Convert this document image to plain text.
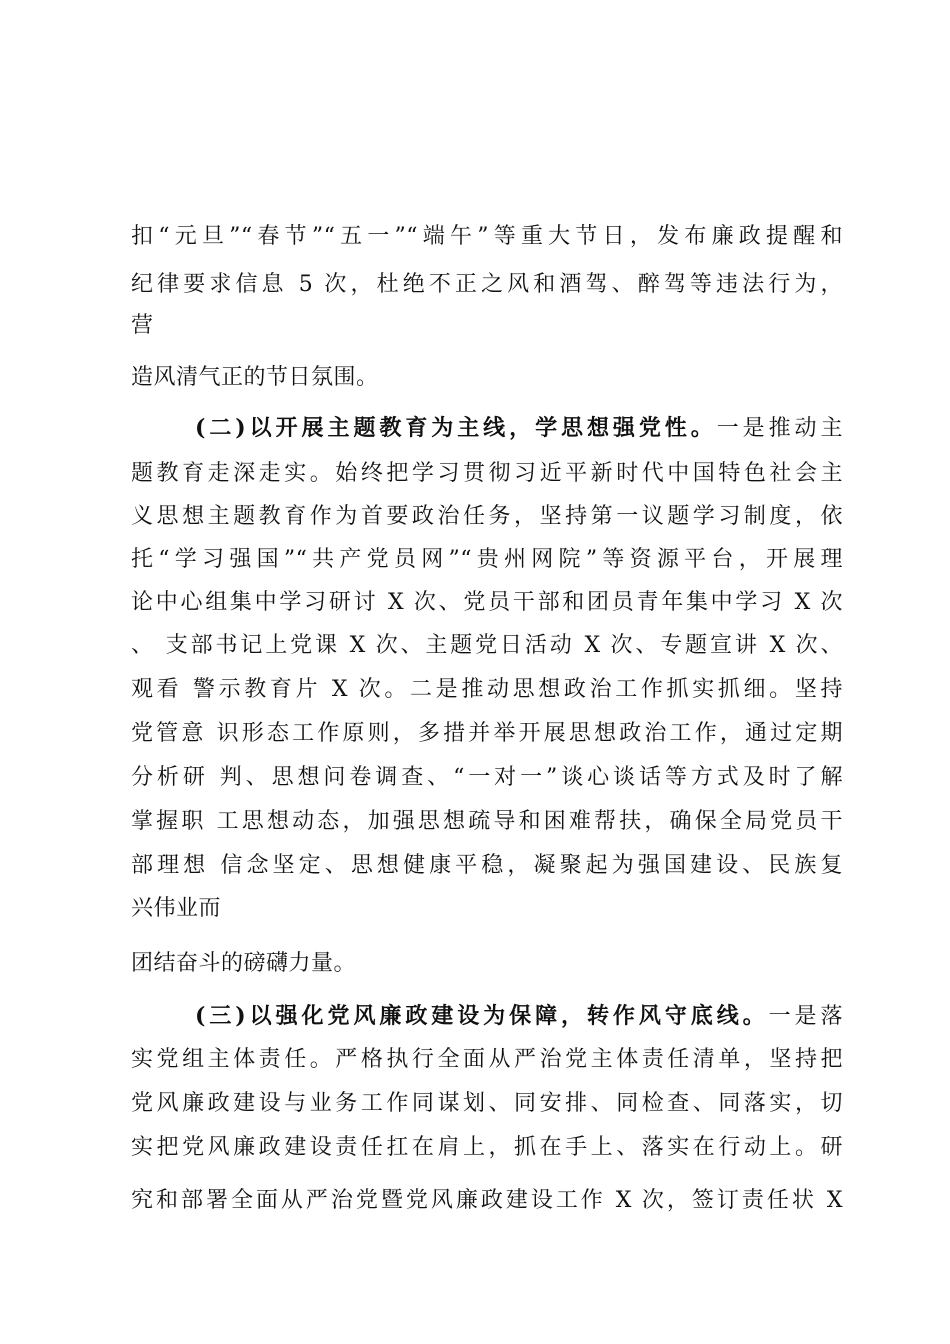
扣“元旦”“春节”“五一”“端午”等重大节日，发布廉政提醒和
纪律要求信息 5 次，杜绝不正之风和酒驾、醉驾等违法行为，
营
造风清气正的节日氛围。
(二)以开展主题教育为主线，学思想强党性。一是推动主
题教育走深走实。始终把学习贯彻习近平新时代中国特色社会主
义思想主题教育作为首要政治任务，坚持第一议题学习制度，依
托“学习强国”“共产党员网”“贵州网院”等资源平台，开展理
论中心组集中学习研讨 X 次、党员干部和团员青年集中学习 X 次
、 支部书记上党课 X 次、主题党日活动 X 次、专题宣讲 X 次、
观看 警示教育片 X 次。二是推动思想政治工作抓实抓细。坚持
党管意 识形态工作原则，多措并举开展思想政治工作，通过定期
分析研 判、思想问卷调查、“一对一”谈心谈话等方式及时了解
掌握职 工思想动态，加强思想疏导和困难帮扶，确保全局党员干
部理想 信念坚定、思想健康平稳，凝聚起为强国建设、民族复
兴伟业而
团结奋斗的磅礴力量。
(三)以强化党风廉政建设为保障，转作风守底线。一是落
实党组主体责任。严格执行全面从严治党主体责任清单，坚持把
党风廉政建设与业务工作同谋划、同安排、同检查、同落实，切
实把党风廉政建设责任扛在肩上，抓在手上、落实在行动上。研
究和部署全面从严治党暨党风廉政建设工作 X 次，签订责任状 X
